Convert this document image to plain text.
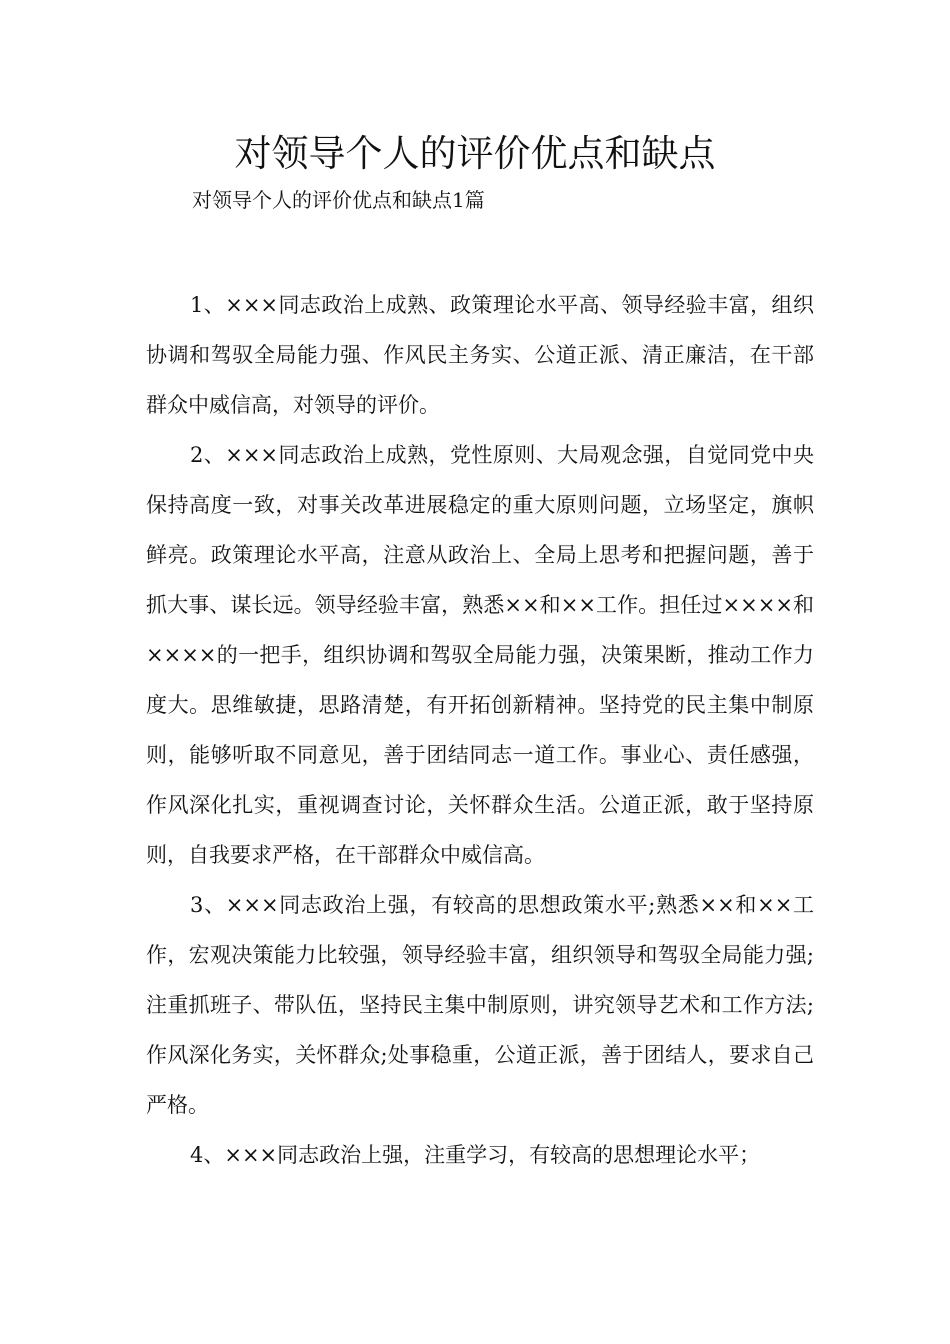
对领导个人的评价优点和缺点
对领导个人的评价优点和缺点1篇

1、×××同志政治上成熟、政策理论水平高、领导经验丰富，组织协调和驾驭全局能力强、作风民主务实、公道正派、清正廉洁，在干部群众中威信高，对领导的评价。

2、×××同志政治上成熟，党性原则、大局观念强，自觉同党中央保持高度一致，对事关改革进展稳定的重大原则问题，立场坚定，旗帜鲜亮。政策理论水平高，注意从政治上、全局上思考和把握问题，善于抓大事、谋长远。领导经验丰富，熟悉××和××工作。担任过××××和××××的一把手，组织协调和驾驭全局能力强，决策果断，推动工作力度大。思维敏捷，思路清楚，有开拓创新精神。坚持党的民主集中制原则，能够听取不同意见，善于团结同志一道工作。事业心、责任感强，作风深化扎实，重视调查讨论，关怀群众生活。公道正派，敢于坚持原则，自我要求严格，在干部群众中威信高。

3、×××同志政治上强，有较高的思想政策水平;熟悉××和××工作，宏观决策能力比较强，领导经验丰富，组织领导和驾驭全局能力强;注重抓班子、带队伍，坚持民主集中制原则，讲究领导艺术和工作方法;作风深化务实，关怀群众;处事稳重，公道正派，善于团结人，要求自己严格。

4、×××同志政治上强，注重学习，有较高的思想理论水平；
